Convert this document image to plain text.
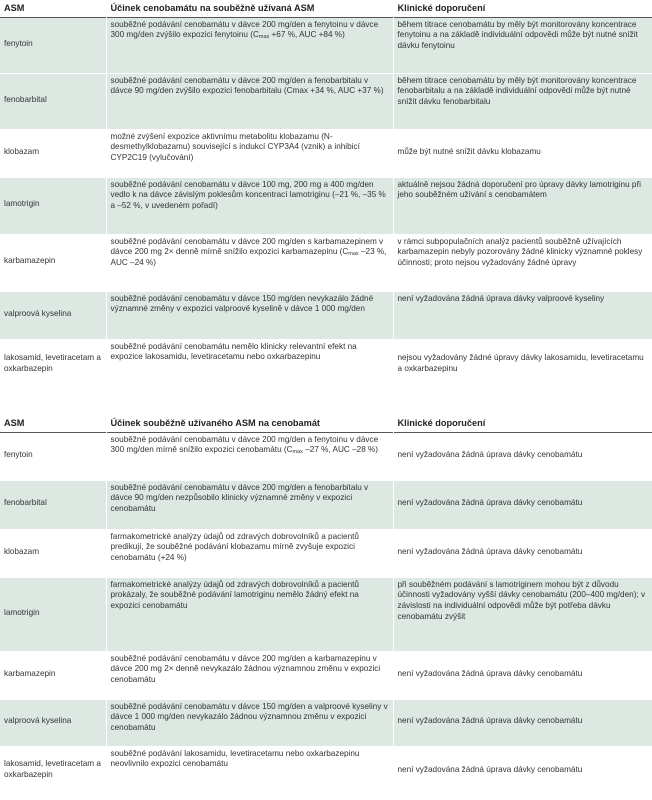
ASM	Účinek cenobamátu na souběžně užívaná ASM	Klinické doporučení
fenytoin	souběžné podávání cenobamátu v dávce 200 mg/den a fenytoinu v dávce 300 mg/den zvýšilo expozici fenytoinu ($C_{max} +67$ %, AUC +84 %)	během titrace cenobamátu by měly být monitorovány koncentrace fenytoinu a na základě individuální odpovědi může být nutné snížit dávku fenytoinu
fenobarbital	souběžné podávání cenobamátu v dávce 200 mg/den a fenobarbitalu v dávce 90 mg/den zvýšilo expozici fenobarbitalu (Cmax +34 %, AUC +37 %)	během titrace cenobamátu by měly být monitorovány koncentrace fenobarbitalu a na základě individuální odpovědi může být nutné snížit dávku fenobarbitalu
klobazam	možné zvýšení expozice aktivnímu metabolitu klobazamu (N-desmethylklobazamu) související s indukcí CYP3A4 (vznik) a inhibicí CYP2C19 (vylučování)	může být nutné snížit dávku klobazamu
lamotrigin	souběžné podávání cenobamátu v dávce 100 mg, 200 mg a 400 mg/den vedlo k na dávce závislým poklesům koncentrací lamotriginu (–21 %, –35 % a –52 %, v uvedeném pořadí)	aktuálně nejsou žádná doporučení pro úpravy dávky lamotriginu při jeho souběžném užívání s cenobamátem
karbamazepin	souběžné podávání cenobamátu v dávce 200 mg/den s karbamazepinem v dávce 200 mg 2× denně mírně snížilo expozici karbamazepinu ($C_{max}$ –23 %, AUC –24 %)	v rámci subpopulačních analýz pacientů souběžně užívajících karbamazepin nebyly pozorovány žádné klinicky významné poklesy účinnosti; proto nejsou vyžadovány žádné úpravy
valproová kyselina	souběžné podávání cenobamátu v dávce 150 mg/den nevykazálo žádné významné změny v expozici valproové kyselině v dávce 1 000 mg/den	není vyžadována žádná úprava dávky valproové kyseliny
lakosamid, levetiracetam a oxkarbazepin	souběžné podávání cenobamátu nemělo klinicky relevantní efekt na expozice lakosamidu, levetiracetamu nebo oxkarbazepinu	nejsou vyžadovány žádné úpravy dávky lakosamidu, levetiracetamu a oxkarbazepinu
ASM	Účinek souběžně užívaného ASM na cenobamát	Klinické doporučení
fenytoin	souběžné podávání cenobamátu v dávce 200 mg/den a fenytoinu v dávce 300 mg/den mírně snížilo expozici cenobamátu ($C_{max}$ –27 %, AUC –28 %)	není vyžadována žádná úprava dávky cenobamátu
fenobarbital	souběžné podávání cenobamátu v dávce 200 mg/den a fenobarbitalu v dávce 90 mg/den nezpůsobilo klinicky významné změny v expozici cenobamátu	není vyžadována žádná úprava dávky cenobamátu
klobazam	farmakometrické analýzy údajů od zdravých dobrovolníků a pacientů predikují, že souběžné podávání klobazamu mírně zvyšuje expozici cenobamátu (+24 %)	není vyžadována žádná úprava dávky cenobamátu
lamotrigin	farmakometrické analýzy údajů od zdravých dobrovolníků a pacientů prokázaly, že souběžné podávání lamotriginu nemělo žádný efekt na expozici cenobamátu	při souběžném podávání s lamotriginem mohou být z důvodu účinnosti vyžadovány vyšší dávky cenobamátu (200–400 mg/den); v závislosti na individuální odpovědi může být potřeba dávku cenobamátu zvýšit
karbamazepin	souběžné podávání cenobamátu v dávce 200 mg/den a karbamazepinu v dávce 200 mg 2× denně nevykazálo žádnou významnou změnu v expozici cenobamátu	není vyžadována žádná úprava dávky cenobamátu
valproová kyselina	souběžné podávání cenobamátu v dávce 150 mg/den a valproové kyseliny v dávce 1 000 mg/den nevykazálo žádnou významnou změnu v expozici cenobamátu	není vyžadována žádná úprava dávky cenobamátu
lakosamid, levetiracetam a oxkarbazepin	souběžné podávání lakosamidu, levetiracetamu nebo oxkarbazepinu neovlivnilo expozici cenobamátu	není vyžadována žádná úprava dávky cenobamátu
